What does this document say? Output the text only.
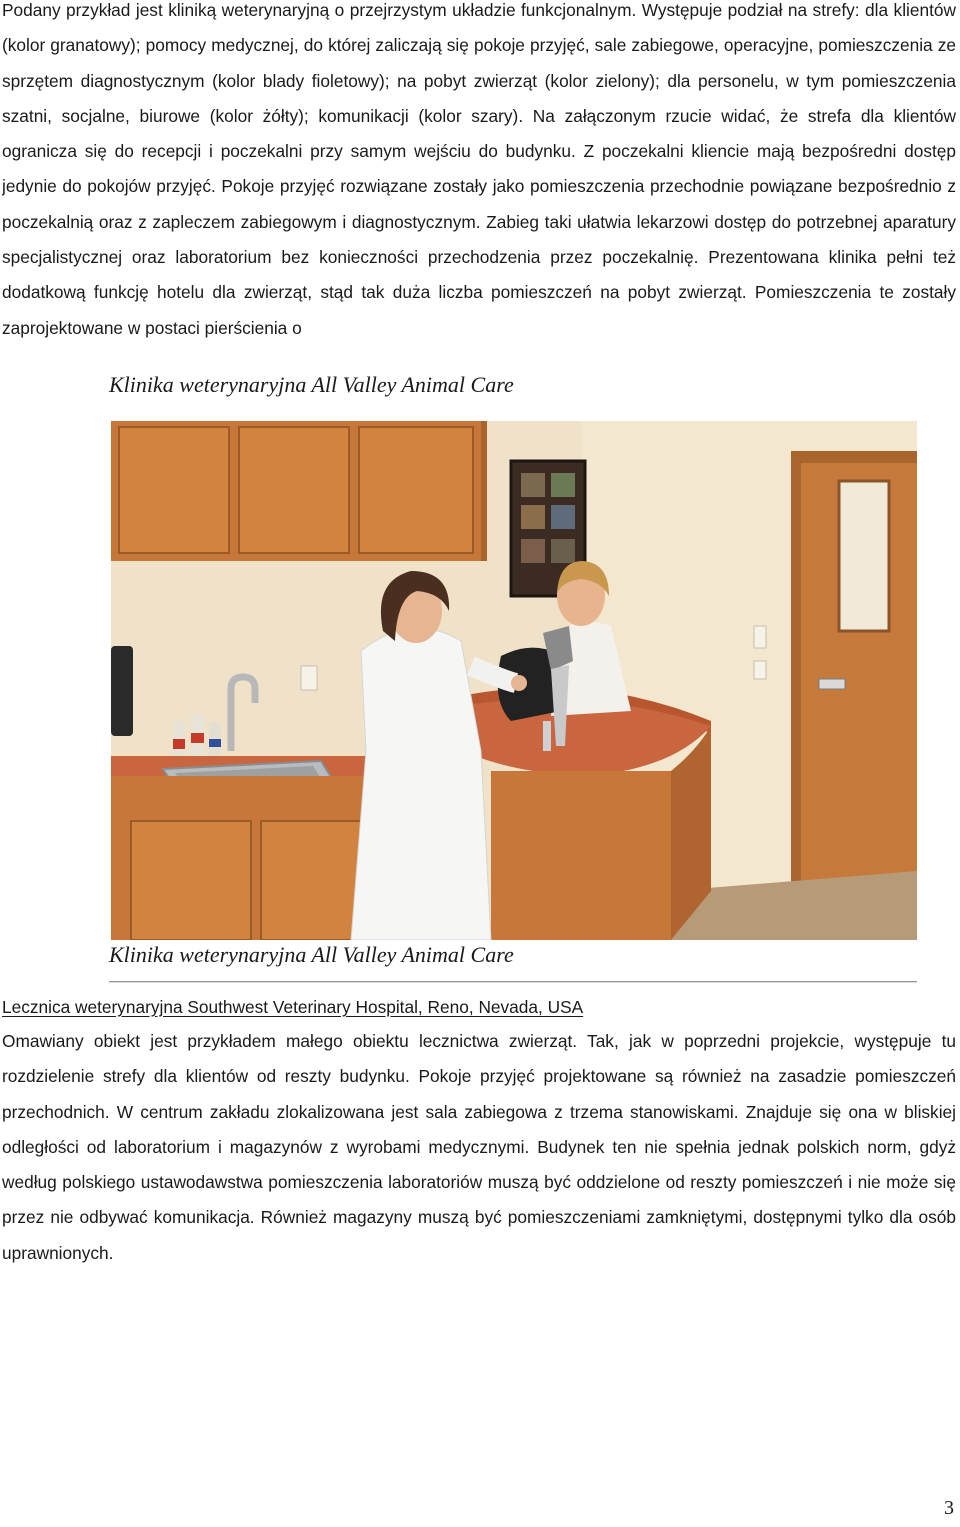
Podany przykład jest kliniką weterynaryjną o przejrzystym układzie funkcjonalnym. Występuje podział na strefy: dla klientów (kolor granatowy); pomocy medycznej, do której zaliczają się pokoje przyjęć, sale zabiegowe, operacyjne, pomieszczenia ze sprzętem diagnostycznym (kolor blady fioletowy); na pobyt zwierząt (kolor zielony); dla personelu, w tym pomieszczenia szatni, socjalne, biurowe (kolor żółty); komunikacji (kolor szary). Na załączonym rzucie widać, że strefa dla klientów ogranicza się do recepcji i poczekalni przy samym wejściu do budynku. Z poczekalni kliencie mają bezpośredni dostęp jedynie do pokojów przyjęć. Pokoje przyjęć rozwiązane zostały jako pomieszczenia przechodnie powiązane bezpośrednio z poczekalnią oraz z zapleczem zabiegowym i diagnostycznym. Zabieg taki ułatwia lekarzowi dostęp do potrzebnej aparatury specjalistycznej oraz laboratorium bez konieczności przechodzenia przez poczekalnię. Prezentowana klinika pełni też dodatkową funkcję hotelu dla zwierząt, stąd tak duża liczba pomieszczeń na pobyt zwierząt. Pomieszczenia te zostały zaprojektowane w postaci pierścienia o
Klinika weterynaryjna All Valley Animal Care

Klinika weterynaryjna All Valley Animal Care
Lecznica weterynaryjna Southwest Veterinary Hospital, Reno, Nevada, USA

Omawiany obiekt jest przykładem małego obiektu lecznictwa zwierząt. Tak, jak w poprzedni projekcie, występuje tu rozdzielenie strefy dla klientów od reszty budynku. Pokoje przyjęć projektowane są również na zasadzie pomieszczeń przechodnich. W centrum zakładu zlokalizowana jest sala zabiegowa z trzema stanowiskami. Znajduje się ona w bliskiej odległości od laboratorium i magazynów z wyrobami medycznymi. Budynek ten nie spełnia jednak polskich norm, gdyż według polskiego ustawodawstwa pomieszczenia laboratoriów muszą być oddzielone od reszty pomieszczeń i nie może się przez nie odbywać komunikacja. Również magazyny muszą być pomieszczeniami zamkniętymi, dostępnymi tylko dla osób uprawnionych.

3
